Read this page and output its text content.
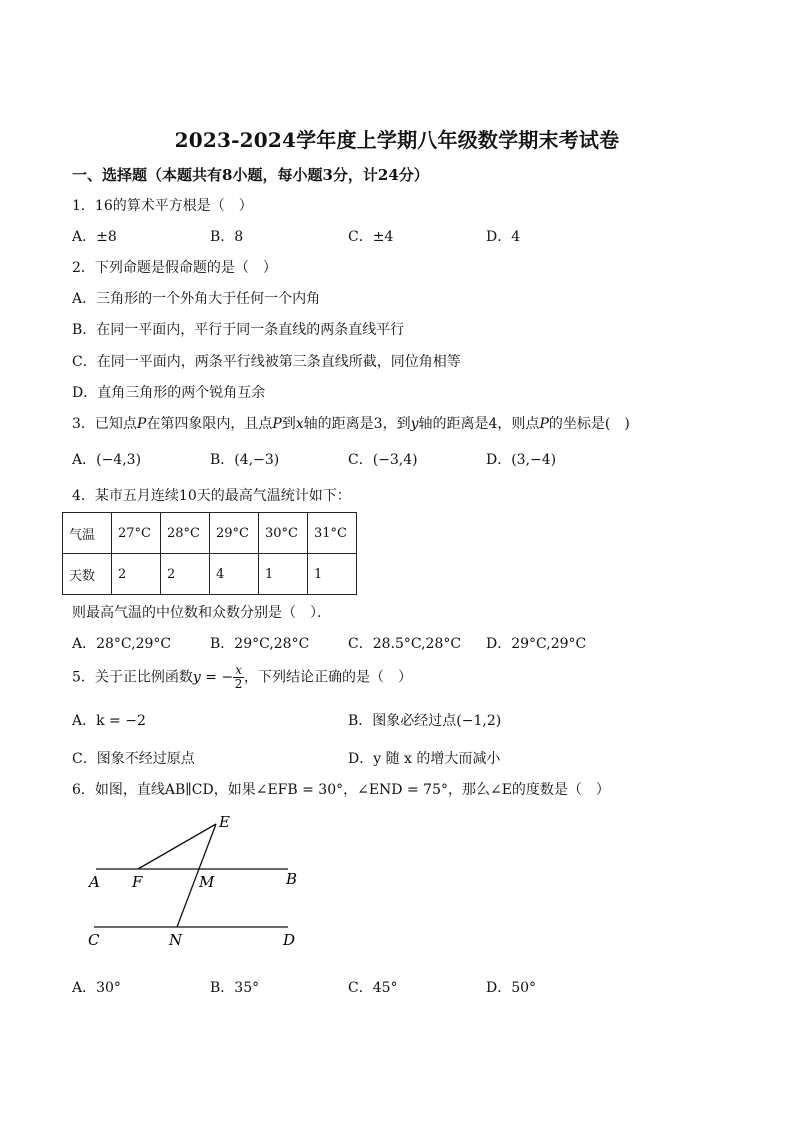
2023-2024学年度上学期八年级数学期末考试卷
一、选择题（本题共有8小题，每小题3分，计24分）
1．16的算术平方根是（　）
A．±8	B．8	C．±4	D．4
2．下列命题是假命题的是（　）
A．三角形的一个外角大于任何一个内角
B．在同一平面内，平行于同一条直线的两条直线平行
C．在同一平面内，两条平行线被第三条直线所截，同位角相等
D．直角三角形的两个锐角互余
3．已知点P在第四象限内，且点P到x轴的距离是3，到y轴的距离是4，则点P的坐标是(　)
A．(−4,3)	B．(4,−3)	C．(−3,4)	D．(3,−4)
4．某市五月连续10天的最高气温统计如下：
气温	27°C	28°C	29°C	30°C	31°C
天数	2	2	4	1	1
则最高气温的中位数和众数分别是（　）．
A．28°C,29°C	B．29°C,28°C	C．28.5°C,28°C D．29°C,29°C
5．关于正比例函数y = − $\frac{x}{2}$ ，下列结论正确的是（　）
A．k = −2	B．图象必经过点(−1,2)
C．图象不经过原点	D．y 随 x 的增大而减小
6．如图，直线AB∥CD，如果∠EFB = 30°，∠END = 75°，那么∠E的度数是（　）
E
A F	M	B
C	N	D
A．30°	B．35°	C．45°	D．50°
